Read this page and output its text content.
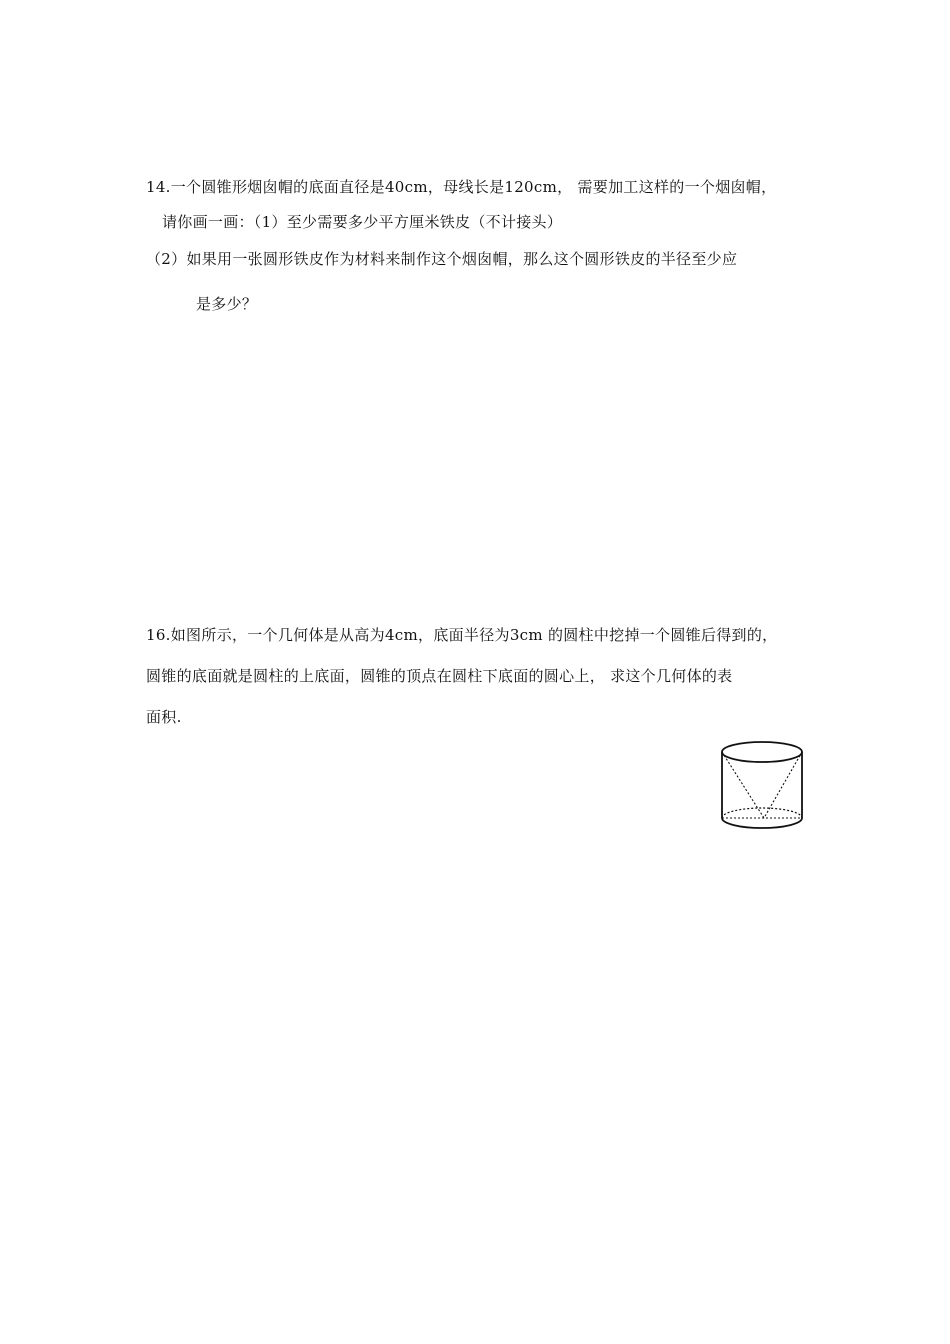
14.一个圆锥形烟囱帽的底面直径是40cm，母线长是120cm， 需要加工这样的一个烟囱帽，
请你画一画：（1）至少需要多少平方厘米铁皮（不计接头）
（2）如果用一张圆形铁皮作为材料来制作这个烟囱帽，那么这个圆形铁皮的半径至少应
是多少？
16.如图所示，一个几何体是从高为4cm，底面半径为3cm 的圆柱中挖掉一个圆锥后得到的，
圆锥的底面就是圆柱的上底面，圆锥的顶点在圆柱下底面的圆心上， 求这个几何体的表
面积.
